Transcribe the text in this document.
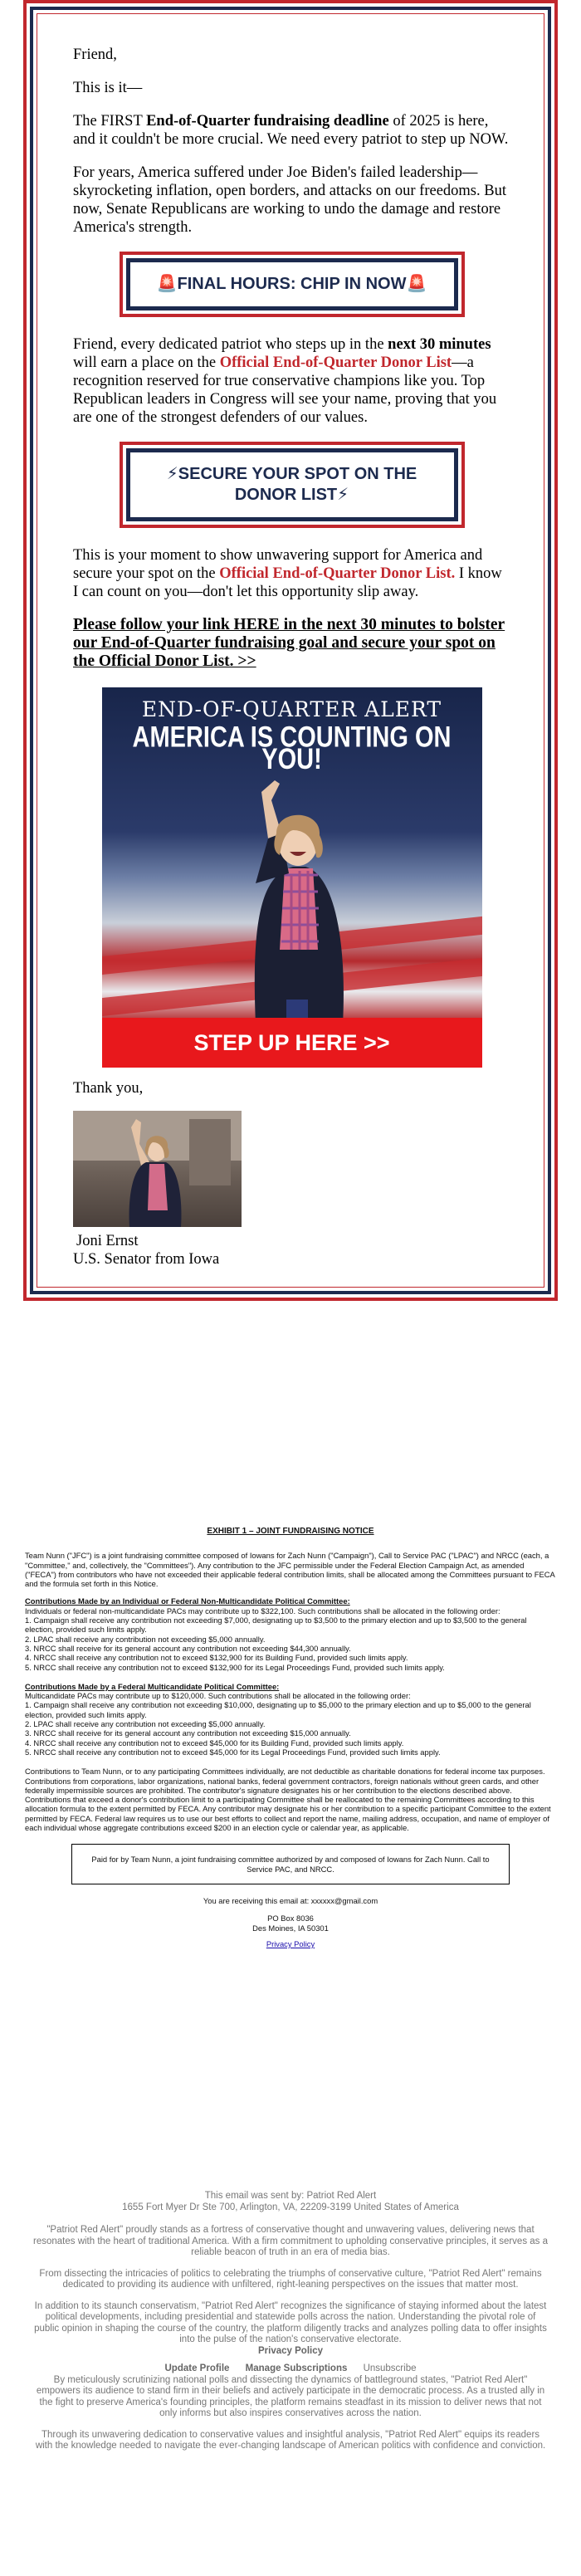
Friend,

This is it—

The FIRST End-of-Quarter fundraising deadline of 2025 is here, and it couldn't be more crucial. We need every patriot to step up NOW.

For years, America suffered under Joe Biden's failed leadership—skyrocketing inflation, open borders, and attacks on our freedoms. But now, Senate Republicans are working to undo the damage and restore America's strength.

🚨FINAL HOURS: CHIP IN NOW🚨

Friend, every dedicated patriot who steps up in the next 30 minutes will earn a place on the Official End-of-Quarter Donor List—a recognition reserved for true conservative champions like you. Top Republican leaders in Congress will see your name, proving that you are one of the strongest defenders of our values.

⚡SECURE YOUR SPOT ON THE DONOR LIST⚡

This is your moment to show unwavering support for America and secure your spot on the Official End-of-Quarter Donor List. I know I can count on you—don't let this opportunity slip away.

Please follow your link HERE in the next 30 minutes to bolster our End-of-Quarter fundraising goal and secure your spot on the Official Donor List. >>

END-OF-QUARTER ALERT
AMERICA IS COUNTING ON YOU!
STEP UP HERE >>

Thank you,

Joni Ernst

U.S. Senator from Iowa

EXHIBIT 1 – JOINT FUNDRAISING NOTICE

Team Nunn ("JFC") is a joint fundraising committee composed of Iowans for Zach Nunn ("Campaign"), Call to Service PAC ("LPAC") and NRCC (each, a "Committee," and, collectively, the "Committees"). Any contribution to the JFC permissible under the Federal Election Campaign Act, as amended ("FECA") from contributors who have not exceeded their applicable federal contribution limits, shall be allocated among the Committees pursuant to FECA and the formula set forth in this Notice.

Contributions Made by an Individual or Federal Non-Multicandidate Political Committee:
Individuals or federal non-multicandidate PACs may contribute up to $322,100. Such contributions shall be allocated in the following order:
1. Campaign shall receive any contribution not exceeding $7,000, designating up to $3,500 to the primary election and up to $3,500 to the general election, provided such limits apply.
2. LPAC shall receive any contribution not exceeding $5,000 annually.
3. NRCC shall receive for its general account any contribution not exceeding $44,300 annually.
4. NRCC shall receive any contribution not to exceed $132,900 for its Building Fund, provided such limits apply.
5. NRCC shall receive any contribution not to exceed $132,900 for its Legal Proceedings Fund, provided such limits apply.

Contributions Made by a Federal Multicandidate Political Committee:
Multicandidate PACs may contribute up to $120,000. Such contributions shall be allocated in the following order:
1. Campaign shall receive any contribution not exceeding $10,000, designating up to $5,000 to the primary election and up to $5,000 to the general election, provided such limits apply.
2. LPAC shall receive any contribution not exceeding $5,000 annually.
3. NRCC shall receive for its general account any contribution not exceeding $15,000 annually.
4. NRCC shall receive any contribution not to exceed $45,000 for its Building Fund, provided such limits apply.
5. NRCC shall receive any contribution not to exceed $45,000 for its Legal Proceedings Fund, provided such limits apply.

Contributions to Team Nunn, or to any participating Committees individually, are not deductible as charitable donations for federal income tax purposes. Contributions from corporations, labor organizations, national banks, federal government contractors, foreign nationals without green cards, and other federally impermissible sources are prohibited. The contributor's signature designates his or her contribution to the elections described above. Contributions that exceed a donor's contribution limit to a participating Committee shall be reallocated to the remaining Committees according to this allocation formula to the extent permitted by FECA. Any contributor may designate his or her contribution to a specific participant Committee to the extent permitted by FECA. Federal law requires us to use our best efforts to collect and report the name, mailing address, occupation, and name of employer of each individual whose aggregate contributions exceed $200 in an election cycle or calendar year, as applicable.

Paid for by Team Nunn, a joint fundraising committee authorized by and composed of Iowans for Zach Nunn. Call to Service PAC, and NRCC.
You are receiving this email at: xxxxxx@gmail.com
PO Box 8036
Des Moines, IA 50301
Privacy Policy

This email was sent by: Patriot Red Alert

1655 Fort Myer Dr Ste 700, Arlington, VA, 22209-3199 United States of America

"Patriot Red Alert" proudly stands as a fortress of conservative thought and unwavering values, delivering news that resonates with the heart of traditional America. With a firm commitment to upholding conservative principles, it serves as a reliable beacon of truth in an era of media bias.

From dissecting the intricacies of politics to celebrating the triumphs of conservative culture, "Patriot Red Alert" remains dedicated to providing its audience with unfiltered, right-leaning perspectives on the issues that matter most.

In addition to its staunch conservatism, "Patriot Red Alert" recognizes the significance of staying informed about the latest political developments, including presidential and statewide polls across the nation. Understanding the pivotal role of public opinion in shaping the course of the country, the platform diligently tracks and analyzes polling data to offer insights into the pulse of the nation's conservative electorate.

Privacy Policy

Update Profile Manage Subscriptions Unsubscribe

By meticulously scrutinizing national polls and dissecting the dynamics of battleground states, "Patriot Red Alert" empowers its audience to stand firm in their beliefs and actively participate in the democratic process. As a trusted ally in the fight to preserve America's founding principles, the platform remains steadfast in its mission to deliver news that not only informs but also inspires conservatives across the nation.

Through its unwavering dedication to conservative values and insightful analysis, "Patriot Red Alert" equips its readers with the knowledge needed to navigate the ever-changing landscape of American politics with confidence and conviction.
